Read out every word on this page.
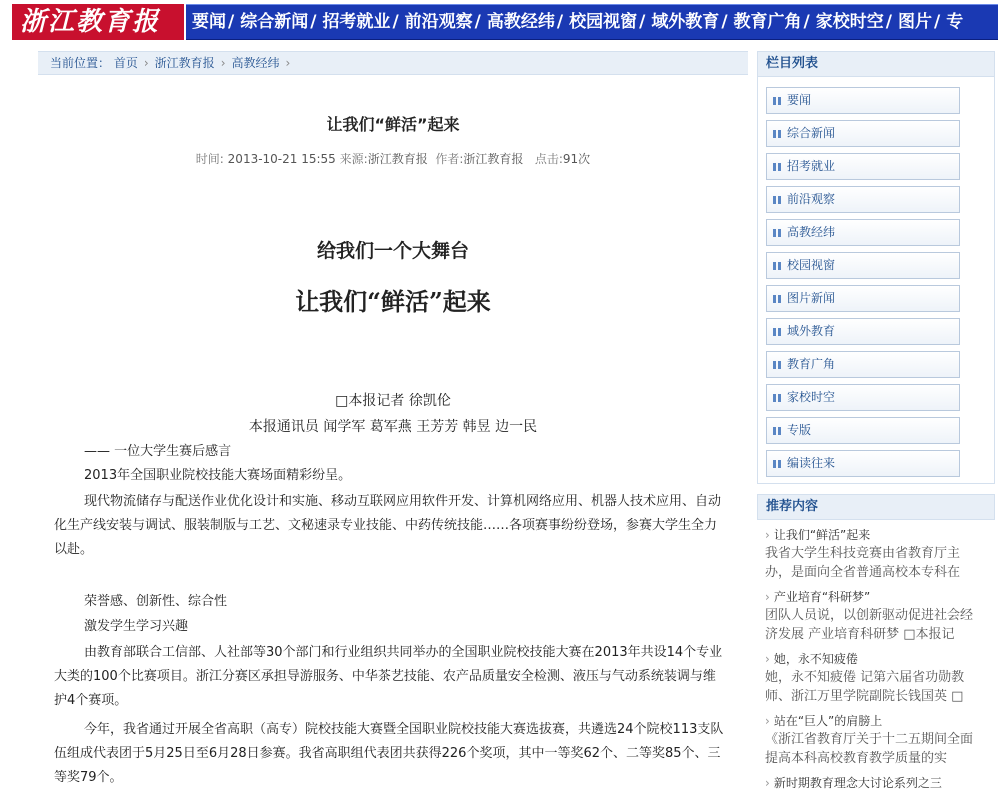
浙江教育报	要闻 / 综合新闻 / 招考就业 / 前沿观察 / 高教经纬 / 校园视窗 / 域外教育 / 教育广角 / 家校时空 / 图片 / 专
当前位置： 首页 › 浙江教育报 › 高教经纬 ›
让我们“鲜活”起来
时间: 2013-10-21 15:55 来源:浙江教育报 作者:浙江教育报 点击:91次
给我们一个大舞台
让我们“鲜活”起来
□本报记者 徐凯伦
本报通讯员 闻学军 葛军燕 王芳芳 韩昱 边一民
—— 一位大学生赛后感言
2013年全国职业院校技能大赛场面精彩纷呈。
现代物流储存与配送作业优化设计和实施、移动互联网应用软件开发、计算机网络应用、机器人技术应用、自动化生产线安装与调试、服装制版与工艺、文秘速录专业技能、中药传统技能……各项赛事纷纷登场，参赛大学生全力以赴。
荣誉感、创新性、综合性
激发学生学习兴趣
由教育部联合工信部、人社部等30个部门和行业组织共同举办的全国职业院校技能大赛在2013年共设14个专业大类的100个比赛项目。浙江分赛区承担导游服务、中华茶艺技能、农产品质量安全检测、液压与气动系统装调与维护4个赛项。
今年，我省通过开展全省高职（高专）院校技能大赛暨全国职业院校技能大赛选拔赛，共遴选24个院校113支队伍组成代表团于5月25日至6月28日参赛。我省高职组代表团共获得226个奖项，其中一等奖62个、二等奖85个、三等奖79个。
栏目列表
要闻
综合新闻
招考就业
前沿观察
高教经纬
校园视窗
图片新闻
域外教育
教育广角
家校时空
专版
编读往来
推荐内容
› 让我们“鲜活”起来
我省大学生科技竞赛由省教育厅主办，是面向全省普通高校本专科在
› 产业培育“科研梦”
团队人员说，以创新驱动促进社会经济发展 产业培育科研梦 □本报记
› 她，永不知疲倦
她，永不知疲倦 记第六届省功勋教师、浙江万里学院副院长钱国英 □
› 站在“巨人”的肩膀上
《浙江省教育厅关于十二五期间全面提高本科高校教育教学质量的实
› 新时期教育理念大讨论系列之三
